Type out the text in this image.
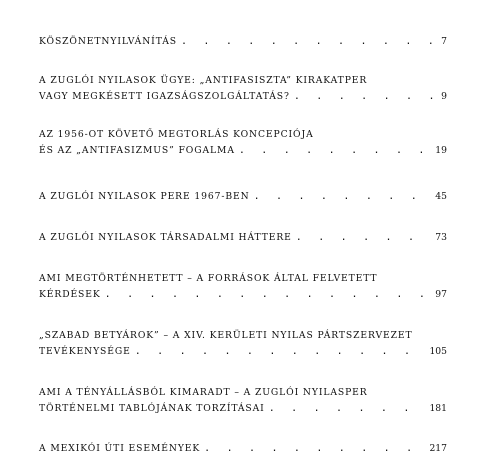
KÖSZÖNETNYILVÁNÍTÁS . . .	7
A ZUGLÓI NYILASOK ÜGYE: „ANTIFASISZTA” KIRAKATPER
VAGY MEGKÉSETT IGAZSÁGSZOLGÁLTATÁS? . . .	9
AZ 1956-OT KÖVETŐ MEGTORLÁS KONCEPCIÓJA
ÉS AZ „ANTIFASIZMUS” FOGALMA . . .	19
A ZUGLÓI NYILASOK PERE 1967-BEN . . .	45
A ZUGLÓI NYILASOK TÁRSADALMI HÁTTERE . . .	73
AMI MEGTÖRTÉNHETETT – A FORRÁSOK ÁLTAL FELVETETT
KÉRDÉSEK . . .	97
„SZABAD BETYÁROK” – A XIV. KERÜLETI NYILAS PÁRTSZERVEZET
TEVÉKENYSÉGE . . .	105
AMI A TÉNYÁLLÁSBÓL KIMARADT – A ZUGLÓI NYILASPER
TÖRTÉNELMI TABLÓJÁNAK TORZÍTÁSAI . . .	181
A MEXIKÓI ÚTI ESEMÉNYEK . . .	217
